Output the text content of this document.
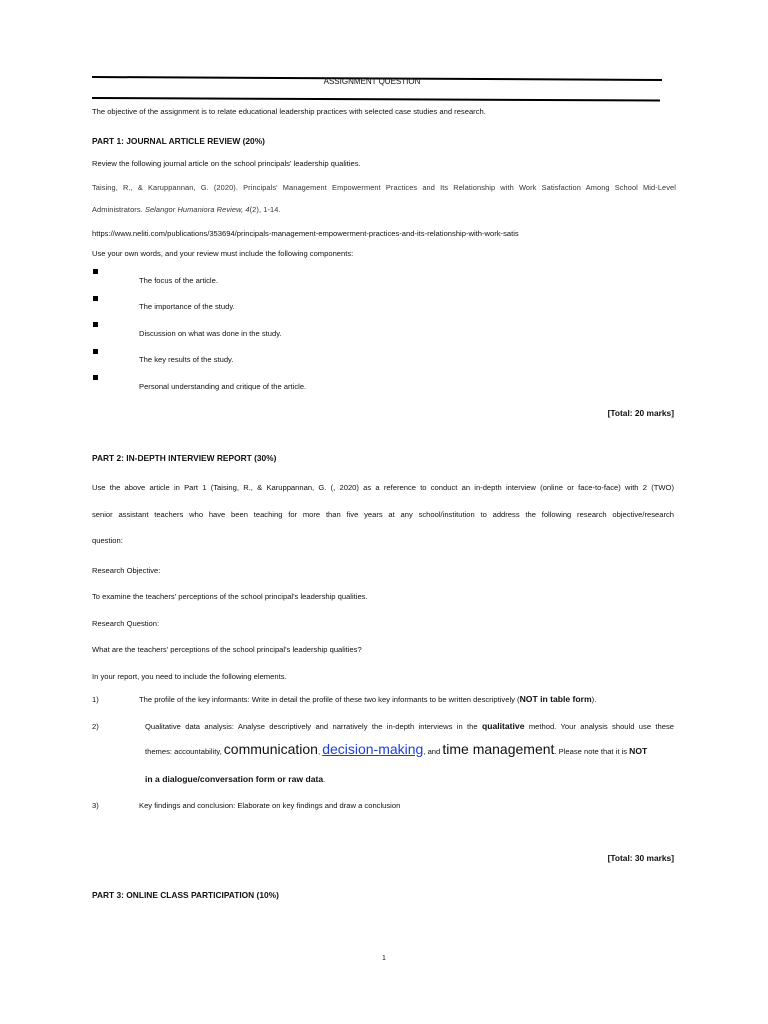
ASSIGNMENT QUESTION
The objective of the assignment is to relate educational leadership practices with selected case studies and research.
PART 1: JOURNAL ARTICLE REVIEW (20%)
Review the following journal article on the school principals' leadership qualities.
Taising, R., & Karuppannan, G. (2020). Principals' Management Empowerment Practices and Its Relationship with Work Satisfaction Among School Mid-Level
Administrators. Selangor Humaniora Review, 4(2), 1-14.
https://www.neliti.com/publications/353694/principals-management-empowerment-practices-and-its-relationship-with-work-satis
Use your own words, and your review must include the following components:
The focus of the article.
The importance of the study.
Discussion on what was done in the study.
The key results of the study.
Personal understanding and critique of the article.
[Total: 20 marks]
PART 2: IN-DEPTH INTERVIEW REPORT (30%)
Use the above article in Part 1 (Taising, R., & Karuppannan, G. (, 2020) as a reference to conduct an in-depth interview (online or face-to-face) with 2 (TWO)
senior assistant teachers who have been teaching for more than five years at any school/institution to address the following research objective/research
question:
Research Objective:
To examine the teachers' perceptions of the school principal's leadership qualities.
Research Question:
What are the teachers' perceptions of the school principal's leadership qualities?
In your report, you need to include the following elements.
1)	The profile of the key informants: Write in detail the profile of these two key informants to be written descriptively (NOT in table form).
2)	Qualitative data analysis: Analyse descriptively and narratively the in-depth interviews in the qualitative method. Your analysis should use these
themes: accountability, communication, decision-making, and time management. Please note that it is NOT
in a dialogue/conversation form or raw data.
3)	Key findings and conclusion: Elaborate on key findings and draw a conclusion
[Total: 30 marks]
PART 3: ONLINE CLASS PARTICIPATION (10%)
1
